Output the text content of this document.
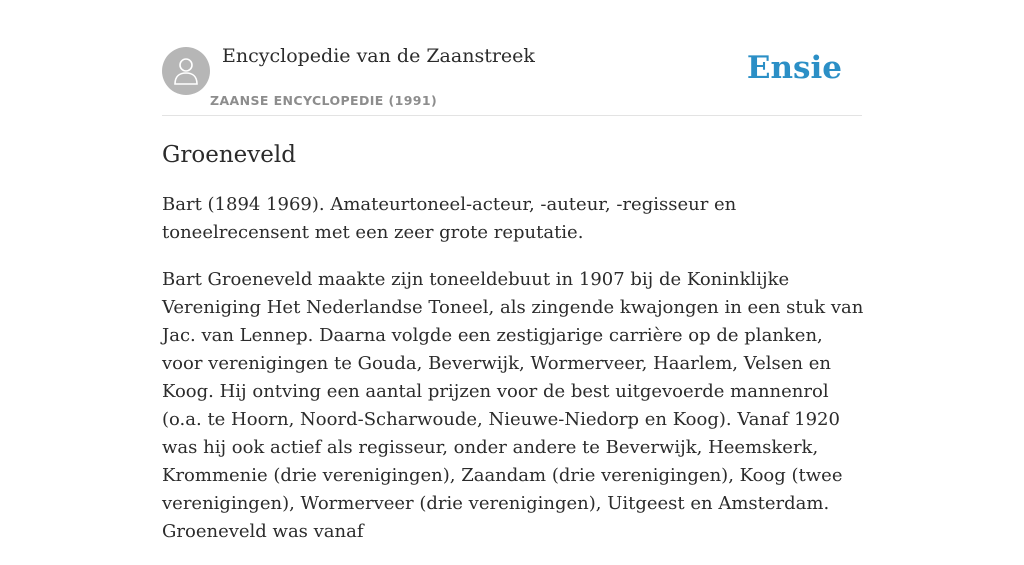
Encyclopedie van de Zaanstreek
ZAANSE ENCYCLOPEDIE (1991)
Ensie
Groeneveld

Bart (1894 1969). Amateurtoneel-acteur, -auteur, -regisseur en toneelrecensent met een zeer grote reputatie.

Bart Groeneveld maakte zijn toneeldebuut in 1907 bij de Koninklijke Vereniging Het Nederlandse Toneel, als zingende kwajongen in een stuk van Jac. van Lennep. Daarna volgde een zestigjarige carrière op de planken, voor verenigingen te Gouda, Beverwijk, Wormerveer, Haarlem, Velsen en Koog. Hij ontving een aantal prijzen voor de best uitgevoerde mannenrol (o.a. te Hoorn, Noord-Scharwoude, Nieuwe-Niedorp en Koog). Vanaf 1920 was hij ook actief als regisseur, onder andere te Beverwijk, Heemskerk, Krommenie (drie verenigingen), Zaandam (drie verenigingen), Koog (twee verenigingen), Wormerveer (drie verenigingen), Uitgeest en Amsterdam. Groeneveld was vanaf
